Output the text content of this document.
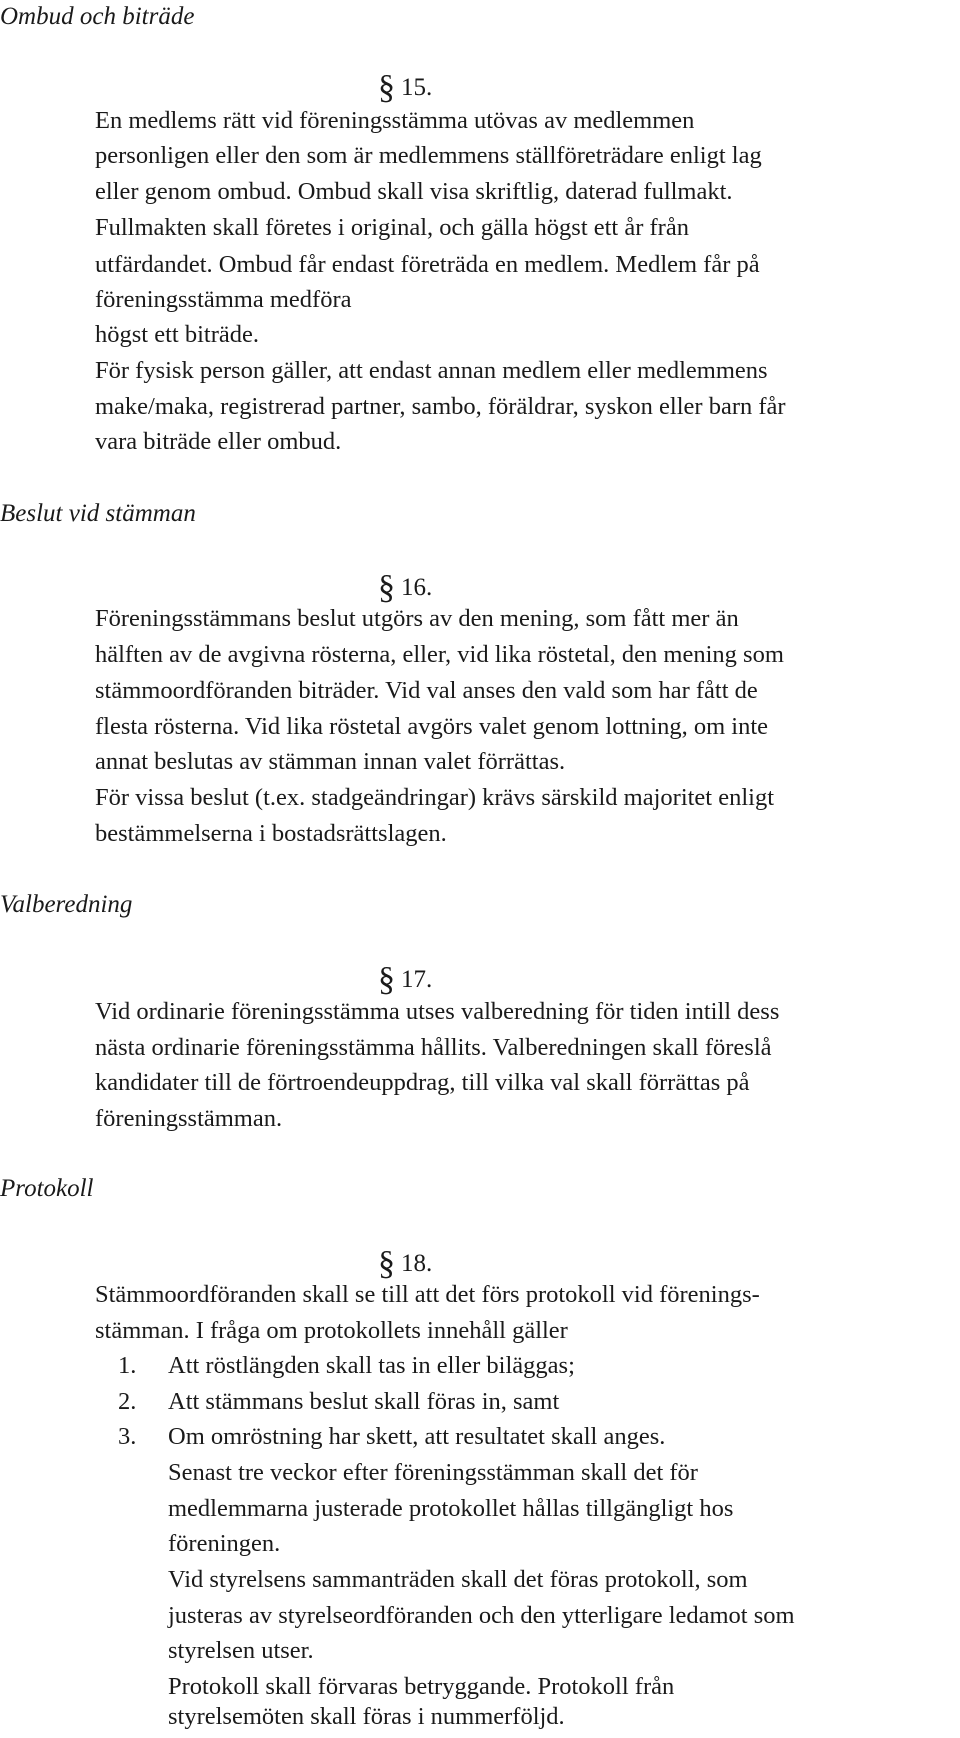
Ombud och biträde
§ 15.
En medlems rätt vid föreningsstämma utövas av medlemmen
personligen eller den som är medlemmens ställföreträdare enligt lag
eller genom ombud. Ombud skall visa skriftlig, daterad fullmakt.
Fullmakten skall företes i original, och gälla högst ett år från
utfärdandet. Ombud får endast företräda en medlem. Medlem får på
föreningsstämma medföra
högst ett biträde.
För fysisk person gäller, att endast annan medlem eller medlemmens
make/maka, registrerad partner, sambo, föräldrar, syskon eller barn får
vara biträde eller ombud.
Beslut vid stämman
§ 16.
Föreningsstämmans beslut utgörs av den mening, som fått mer än
hälften av de avgivna rösterna, eller, vid lika röstetal, den mening som
stämmoordföranden biträder. Vid val anses den vald som har fått de
flesta rösterna. Vid lika röstetal avgörs valet genom lottning, om inte
annat beslutas av stämman innan valet förrättas.
För vissa beslut (t.ex. stadgeändringar) krävs särskild majoritet enligt
bestämmelserna i bostadsrättslagen.
Valberedning
§ 17.
Vid ordinarie föreningsstämma utses valberedning för tiden intill dess
nästa ordinarie föreningsstämma hållits. Valberedningen skall föreslå
kandidater till de förtroendeuppdrag, till vilka val skall förrättas på
föreningsstämman.
Protokoll
§ 18.
Stämmoordföranden skall se till att det förs protokoll vid förenings-
stämman. I fråga om protokollets innehåll gäller
1. Att röstlängden skall tas in eller biläggas;
2. Att stämmans beslut skall föras in, samt
3. Om omröstning har skett, att resultatet skall anges.
Senast tre veckor efter föreningsstämman skall det för
medlemmarna justerade protokollet hållas tillgängligt hos
föreningen.
Vid styrelsens sammanträden skall det föras protokoll, som
justeras av styrelseordföranden och den ytterligare ledamot som
styrelsen utser.
Protokoll skall förvaras betryggande. Protokoll från
styrelsemöten skall föras i nummerföljd.
